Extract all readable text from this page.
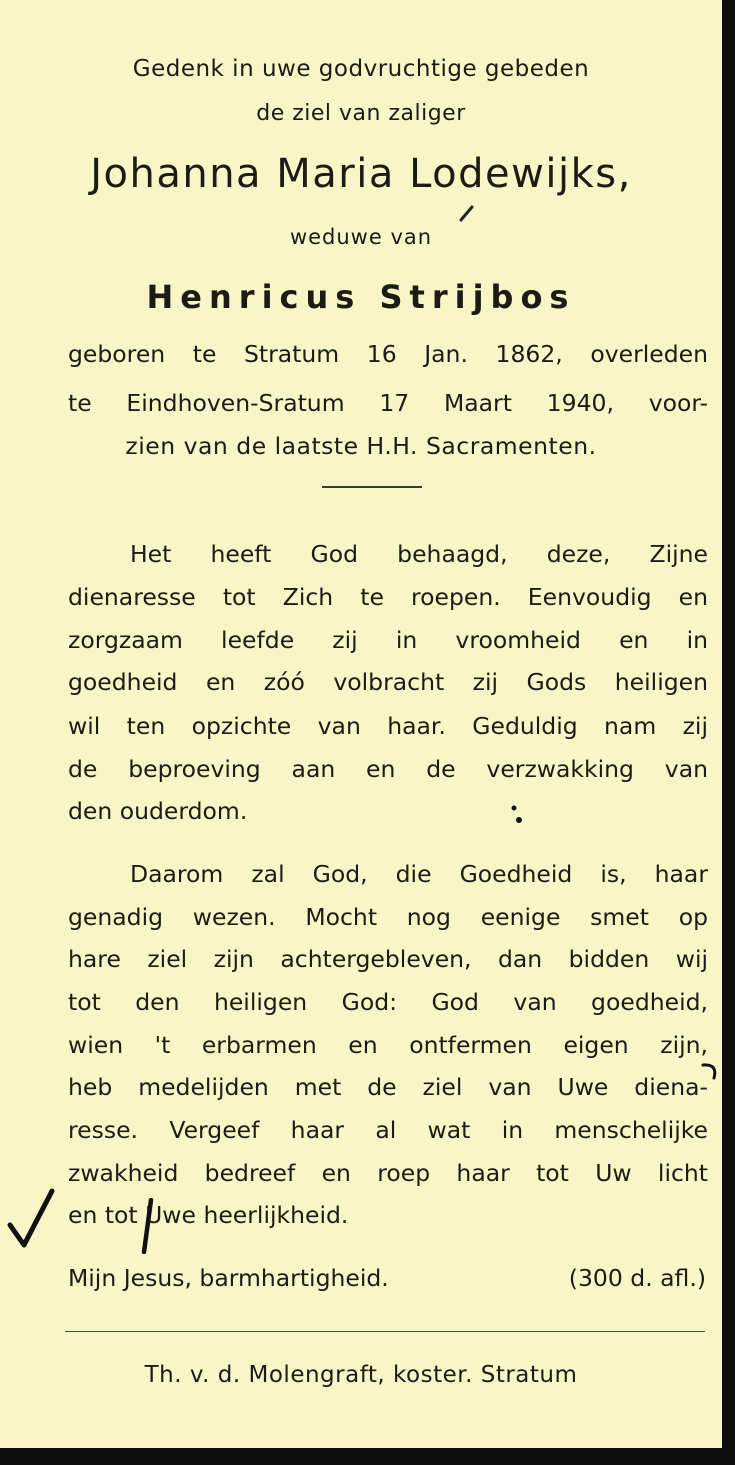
Gedenk in uwe godvruchtige gebeden
de ziel van zaliger
Johanna Maria Lodewijks,
weduwe van
Henricus Strijbos
geboren te Stratum 16 Jan. 1862, overleden
te Eindhoven-Sratum 17 Maart 1940, voor-
zien van de laatste H.H. Sacramenten.
Het heeft God behaagd, deze, Zijne
dienaresse tot Zich te roepen. Eenvoudig en
zorgzaam leefde zij in vroomheid en in
goedheid en zóó volbracht zij Gods heiligen
wil ten opzichte van haar. Geduldig nam zij
de beproeving aan en de verzwakking van
den ouderdom.
Daarom zal God, die Goedheid is, haar
genadig wezen. Mocht nog eenige smet op
hare ziel zijn achtergebleven, dan bidden wij
tot den heiligen God: God van goedheid,
wien 't erbarmen en ontfermen eigen zijn,
heb medelijden met de ziel van Uwe diena-
resse. Vergeef haar al wat in menschelijke
zwakheid bedreef en roep haar tot Uw licht
en tot Uwe heerlijkheid.
Mijn Jesus, barmhartigheid.	(300 d. afl.)
Th. v. d. Molengraft, koster. Stratum
